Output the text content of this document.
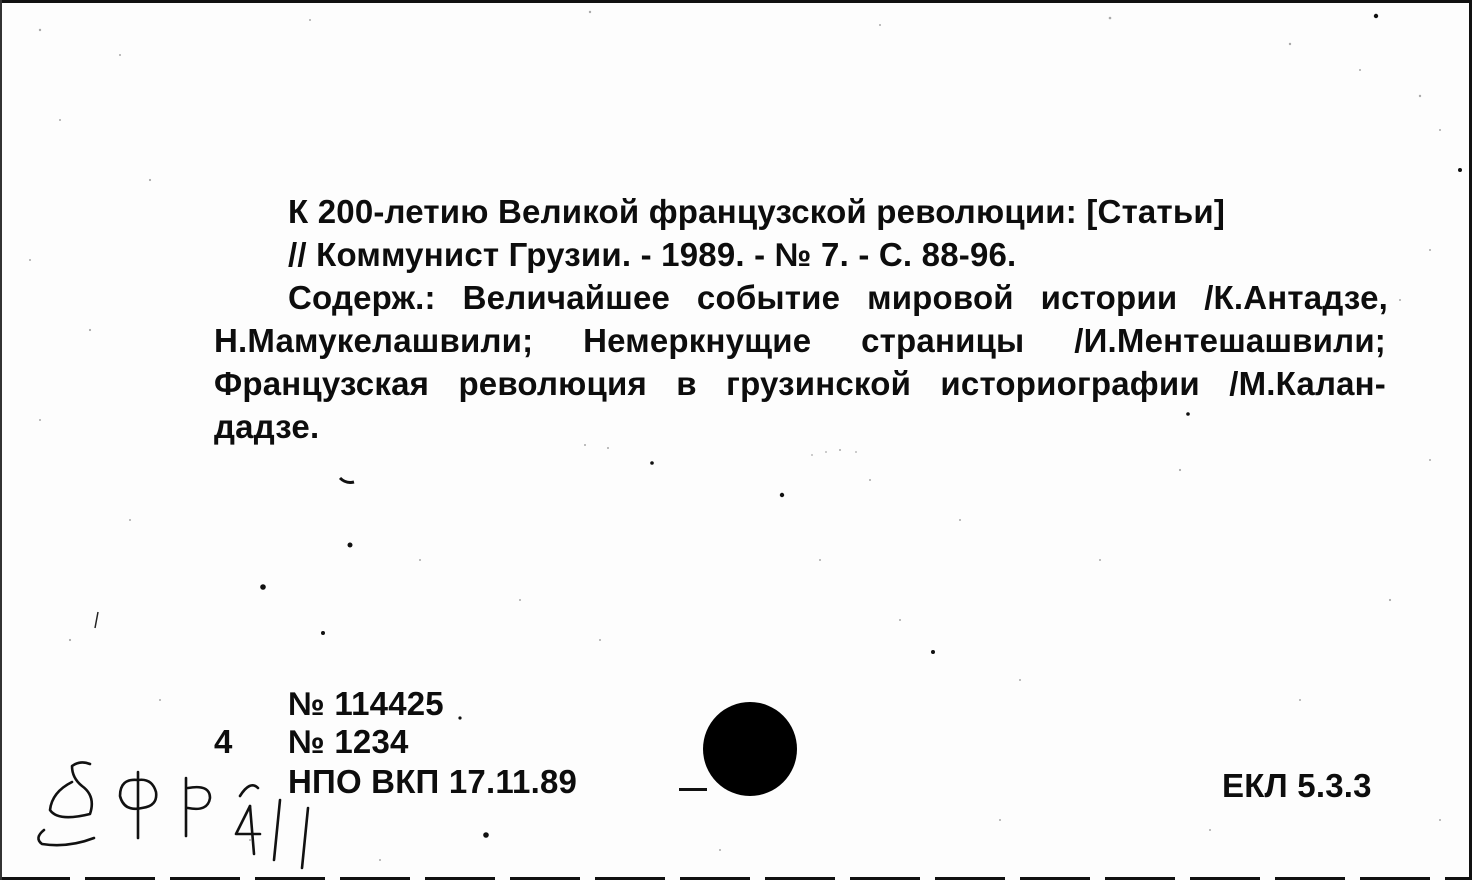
К 200-летию Великой французской революции: [Статьи]
// Коммунист Грузии. - 1989. - № 7. - С. 88-96.
Содерж.: Величайшее событие мировой истории /К.Антадзе,
Н.Мамукелашвили; Немеркнущие страницы /И.Ментешашвили;
Французская революция в грузинской историографии /М.Калан-
дадзе.
№ 114425
4 № 1234
НПО ВКП 17.11.89	ЕКЛ 5.3.3
